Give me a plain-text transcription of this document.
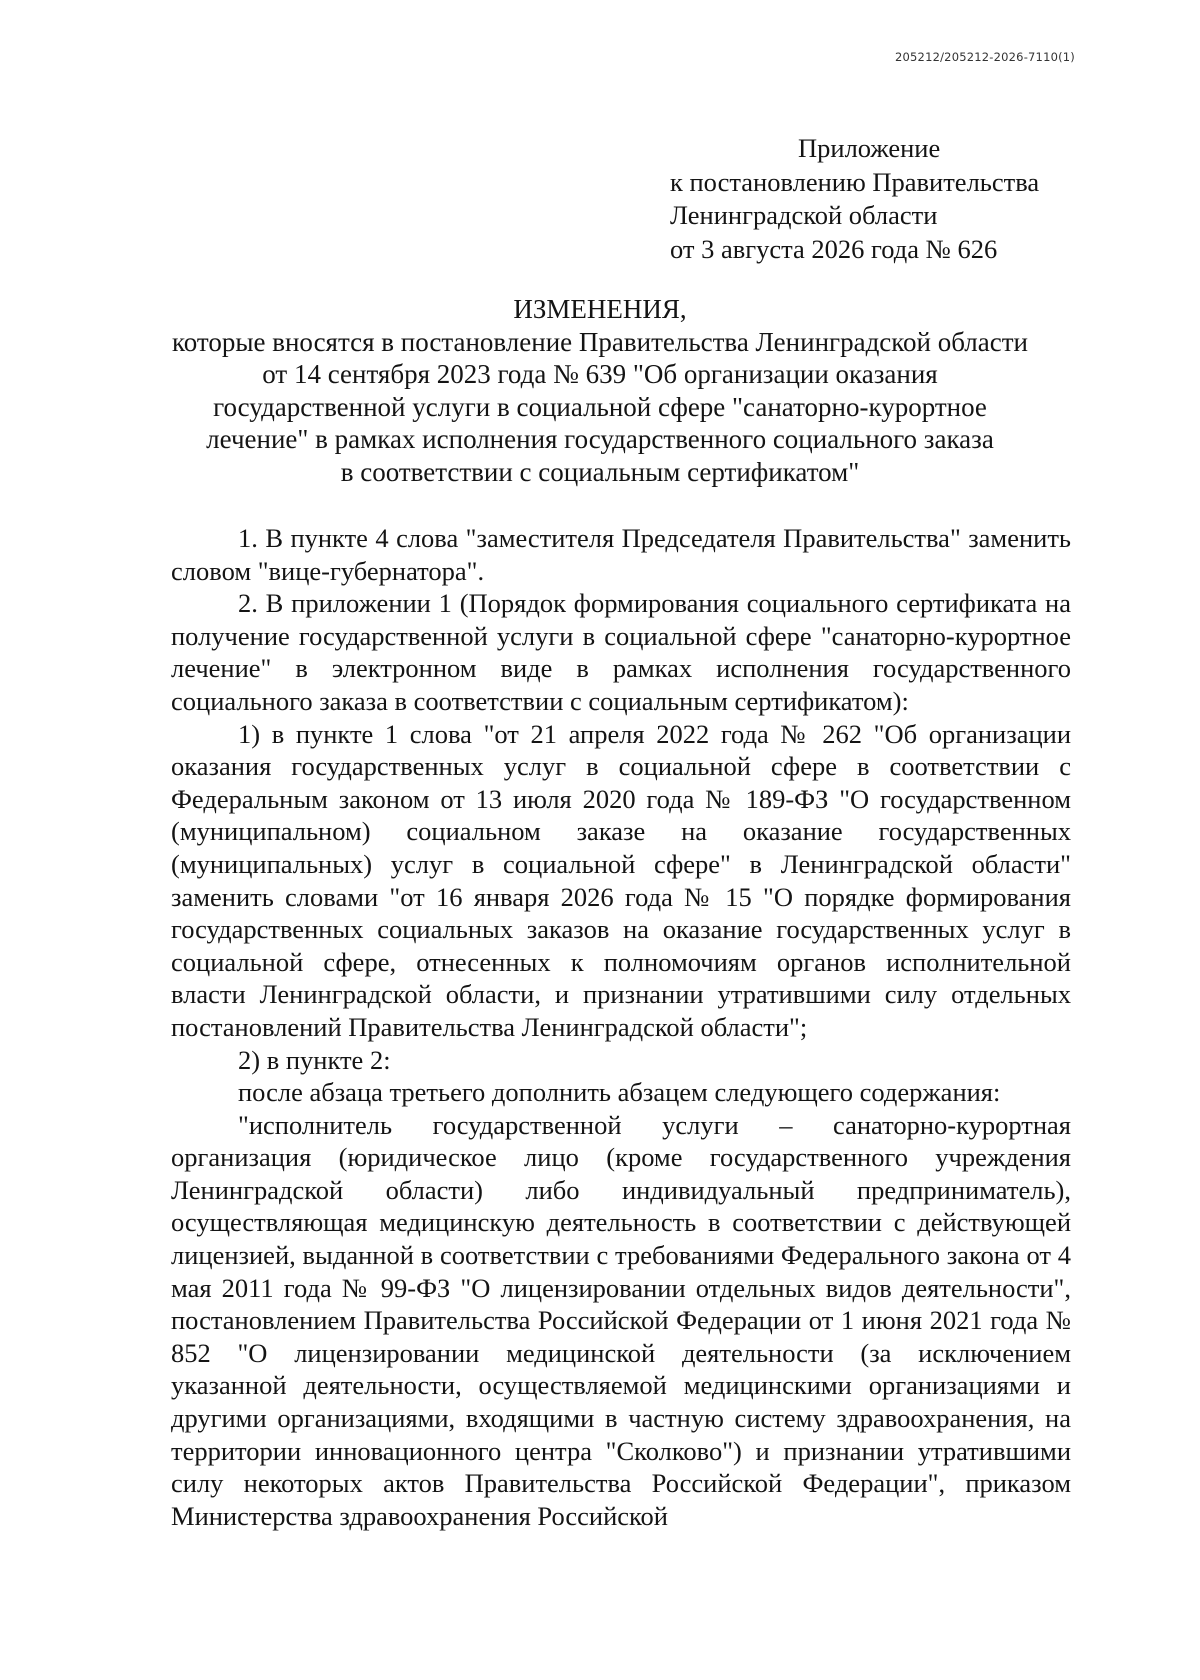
205212/205212-2026-7110(1)
Приложение
к постановлению Правительства
Ленинградской области
от 3 августа 2026 года № 626
ИЗМЕНЕНИЯ,
которые вносятся в постановление Правительства Ленинградской области
от 14 сентября 2023 года № 639 "Об организации оказания
государственной услуги в социальной сфере "санаторно-курортное
лечение" в рамках исполнения государственного социального заказа
в соответствии с социальным сертификатом"

1. В пункте 4 слова "заместителя Председателя Правительства" заменить словом "вице-губернатора".

2. В приложении 1 (Порядок формирования социального сертификата на получение государственной услуги в социальной сфере "санаторно-курортное лечение" в электронном виде в рамках исполнения государственного социального заказа в соответствии с социальным сертификатом):

1) в пункте 1 слова "от 21 апреля 2022 года № 262 "Об организации оказания государственных услуг в социальной сфере в соответствии с Федеральным законом от 13 июля 2020 года № 189-ФЗ "О государственном (муниципальном) социальном заказе на оказание государственных (муниципальных) услуг в социальной сфере" в Ленинградской области" заменить словами "от 16 января 2026 года № 15 "О порядке формирования государственных социальных заказов на оказание государственных услуг в социальной сфере, отнесенных к полномочиям органов исполнительной власти Ленинградской области, и признании утратившими силу отдельных постановлений Правительства Ленинградской области";

2) в пункте 2:

после абзаца третьего дополнить абзацем следующего содержания:

"исполнитель государственной услуги – санаторно-курортная организация (юридическое лицо (кроме государственного учреждения Ленинградской области) либо индивидуальный предприниматель), осуществляющая медицинскую деятельность в соответствии с действующей лицензией, выданной в соответствии с требованиями Федерального закона от 4 мая 2011 года № 99-ФЗ "О лицензировании отдельных видов деятельности", постановлением Правительства Российской Федерации от 1 июня 2021 года № 852 "О лицензировании медицинской деятельности (за исключением указанной деятельности, осуществляемой медицинскими организациями и другими организациями, входящими в частную систему здравоохранения, на территории инновационного центра "Сколково") и признании утратившими силу некоторых актов Правительства Российской Федерации", приказом Министерства здравоохранения Российской
